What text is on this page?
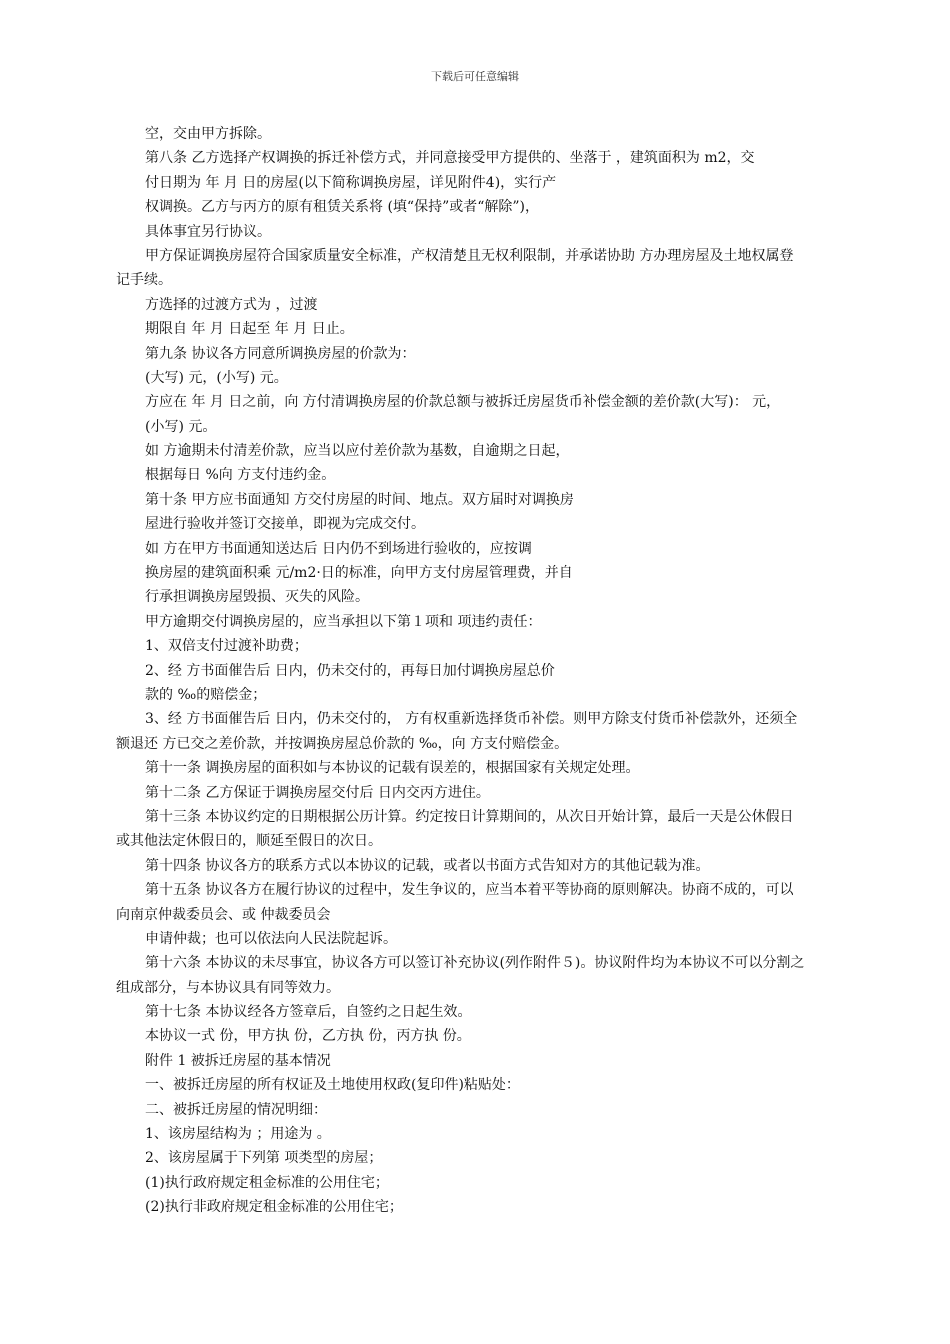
下载后可任意编辑
空，交由甲方拆除。
第八条 乙方选择产权调换的拆迁补偿方式，并同意接受甲方提供的、坐落于 ，建筑面积为 m2，交
付日期为 年 月 日的房屋(以下简称调换房屋，详见附件4)，实行产
权调换。乙方与丙方的原有租赁关系将 (填“保持”或者“解除”)，
具体事宜另行协议。
甲方保证调换房屋符合国家质量安全标准，产权清楚且无权利限制，并承诺协助 方办理房屋及土地权属登
记手续。
方选择的过渡方式为 ，过渡
期限自 年 月 日起至 年 月 日止。
第九条 协议各方同意所调换房屋的价款为：
(大写) 元，(小写) 元。
方应在 年 月 日之前，向 方付清调换房屋的价款总额与被拆迁房屋货币补偿金额的差价款(大写)： 元，
(小写) 元。
如 方逾期未付清差价款，应当以应付差价款为基数，自逾期之日起，
根据每日 %向 方支付违约金。
第十条 甲方应书面通知 方交付房屋的时间、地点。双方届时对调换房
屋进行验收并签订交接单，即视为完成交付。
如 方在甲方书面通知送达后 日内仍不到场进行验收的，应按调
换房屋的建筑面积乘 元/m2·日的标准，向甲方支付房屋管理费，并自
行承担调换房屋毁损、灭失的风险。
甲方逾期交付调换房屋的，应当承担以下第１项和 项违约责任：
1、双倍支付过渡补助费；
2、经 方书面催告后 日内，仍未交付的，再每日加付调换房屋总价
款的 ‰的赔偿金；
3、经 方书面催告后 日内，仍未交付的， 方有权重新选择货币补偿。则甲方除支付货币补偿款外，还须全
额退还 方已交之差价款，并按调换房屋总价款的 ‰，向 方支付赔偿金。
第十一条 调换房屋的面积如与本协议的记载有误差的，根据国家有关规定处理。
第十二条 乙方保证于调换房屋交付后 日内交丙方进住。
第十三条 本协议约定的日期根据公历计算。约定按日计算期间的，从次日开始计算，最后一天是公休假日
或其他法定休假日的，顺延至假日的次日。
第十四条 协议各方的联系方式以本协议的记载，或者以书面方式告知对方的其他记载为准。
第十五条 协议各方在履行协议的过程中，发生争议的，应当本着平等协商的原则解决。协商不成的，可以
向南京仲裁委员会、或 仲裁委员会
申请仲裁；也可以依法向人民法院起诉。
第十六条 本协议的未尽事宜，协议各方可以签订补充协议(列作附件５)。协议附件均为本协议不可以分割之
组成部分，与本协议具有同等效力。
第十七条 本协议经各方签章后，自签约之日起生效。
本协议一式 份，甲方执 份，乙方执 份，丙方执 份。
附件 1 被拆迁房屋的基本情况
一、被拆迁房屋的所有权证及土地使用权政(复印件)粘贴处：
二、被拆迁房屋的情况明细：
1、该房屋结构为 ；用途为 。
2、该房屋属于下列第 项类型的房屋；
(1)执行政府规定租金标准的公用住宅；
(2)执行非政府规定租金标准的公用住宅；
